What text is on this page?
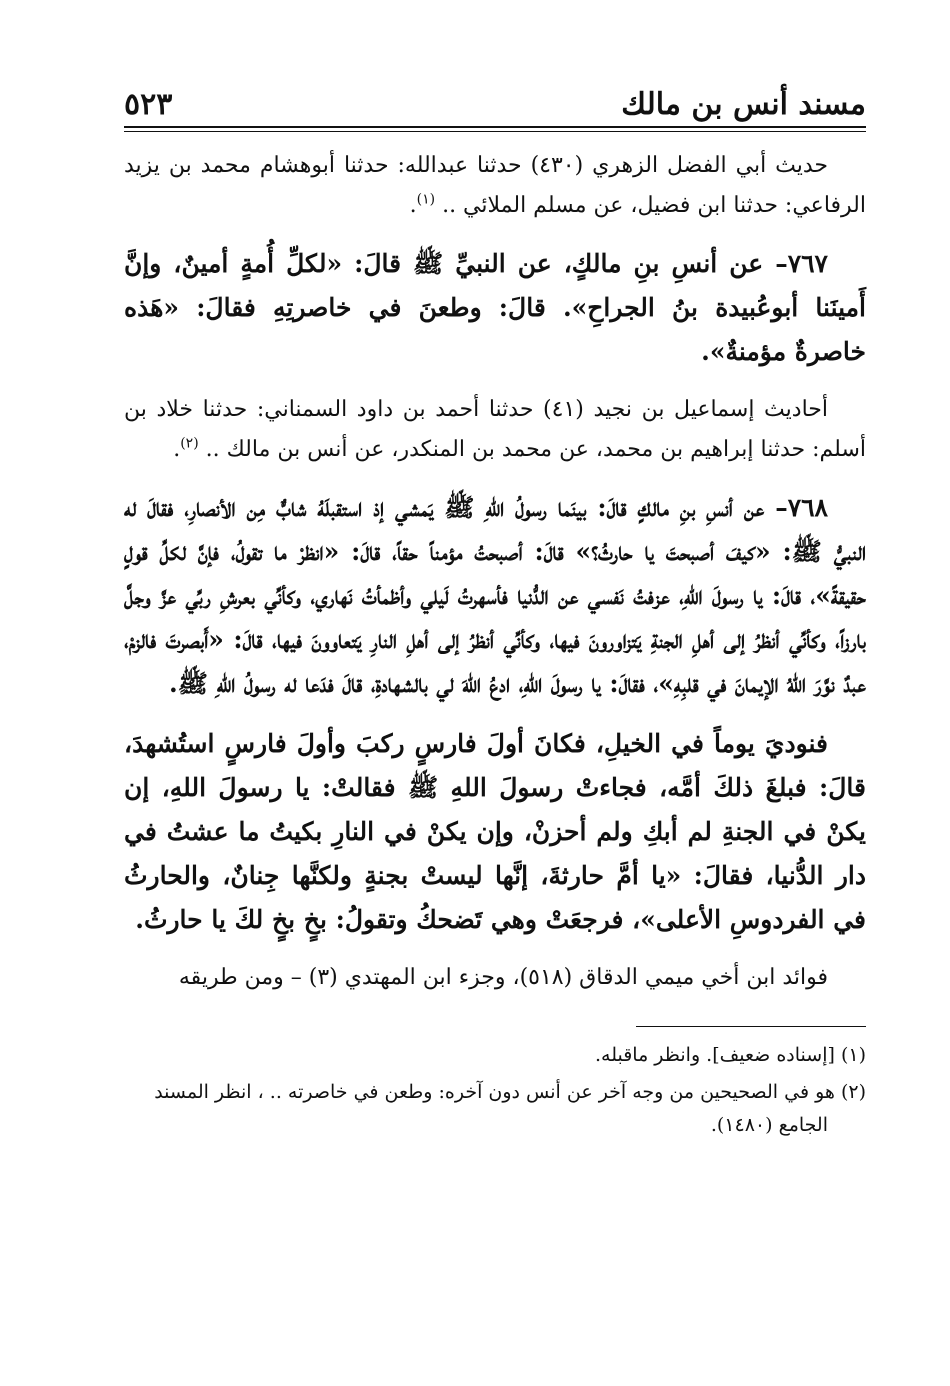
مسند أنس بن مالك
٥٢٣

حديث أبي الفضل الزهري (٤٣٠) حدثنا عبدالله: حدثنا أبوهشام محمد بن يزيد الرفاعي: حدثنا ابن فضيل، عن مسلم الملائي .. $^{(١)}$.

٧٦٧– عن أنسِ بنِ مالكٍ، عن النبيِّ ﷺ قالَ: «لكلِّ أُمةٍ أمينٌ، وإنَّ أَمينَنا أبوعُبيدة بنُ الجراحِ». قالَ: وطعنَ في خاصرتِهِ فقالَ: «هَذه خاصرةٌ مؤمنةٌ».

أحاديث إسماعيل بن نجيد (٤١) حدثنا أحمد بن داود السمناني: حدثنا خلاد بن أسلم: حدثنا إبراهيم بن محمد، عن محمد بن المنكدر، عن أنس بن مالك .. $^{(٢)}$.

٧٦٨– عن أنسِ بنِ مالكٍ قالَ: بينَما رسولُ اللهِ ﷺ يَمشي إذ استقبلَهُ شابٌّ مِن الأنصارِ، فقالَ له النبيُّ ﷺ: «كيفَ أصبحتَ يا حارثُ؟» قالَ: أصبحتُ مؤمناً حقاً، قالَ: «انظرْ ما تقولُ، فإنَّ لكلِّ قولٍ حقيقةً»، قالَ: يا رسولَ اللهِ، عزفتُ نَفسي عن الدُّنيا فأسهرتُ لَيلي وأظمأتُ نَهاري، وكأنِّي بعرشِ ربِّي عزَّ وجلَّ بارزاً، وكأنِّي أنظرُ إلى أهلِ الجنةِ يَتزاورونَ فيها، وكأنِّي أنظرُ إلى أهلِ النارِ يَتعاوونَ فيها، قالَ: «أَبصرتَ فالزمْ، عبدٌ نوَّرَ اللهُ الإيمانَ في قلبِهِ»، فقالَ: يا رسولَ اللهِ، ادعُ اللهَ لي بالشهادةِ، قالَ فدَعا له رسولُ اللهِ ﷺ.

فنوديَ يوماً في الخيلِ، فكانَ أولَ فارسٍ ركبَ وأولَ فارسٍ استُشهدَ، قالَ: فبلغَ ذلكَ أمَّه، فجاءتْ رسولَ اللهِ ﷺ فقالتْ: يا رسولَ اللهِ، إن يكنْ في الجنةِ لم أبكِ ولم أحزنْ، وإن يكنْ في النارِ بكيتُ ما عشتُ في دار الدُّنيا، فقالَ: «يا أمَّ حارثةَ، إنَّها ليستْ بجنةٍ ولكنَّها جِنانٌ، والحارثُ في الفردوسِ الأعلى»، فرجعَتْ وهي تَضحكُ وتقولُ: بخٍ بخٍ لكَ يا حارثُ.

فوائد ابن أخي ميمي الدقاق (٥١٨)، وجزء ابن المهتدي (٣) – ومن طريقه

(١) [إسناده ضعيف]. وانظر ماقبله.

(٢) هو في الصحيحين من وجه آخر عن أنس دون آخره: وطعن في خاصرته .. ، انظر المسند الجامع (١٤٨٠).
